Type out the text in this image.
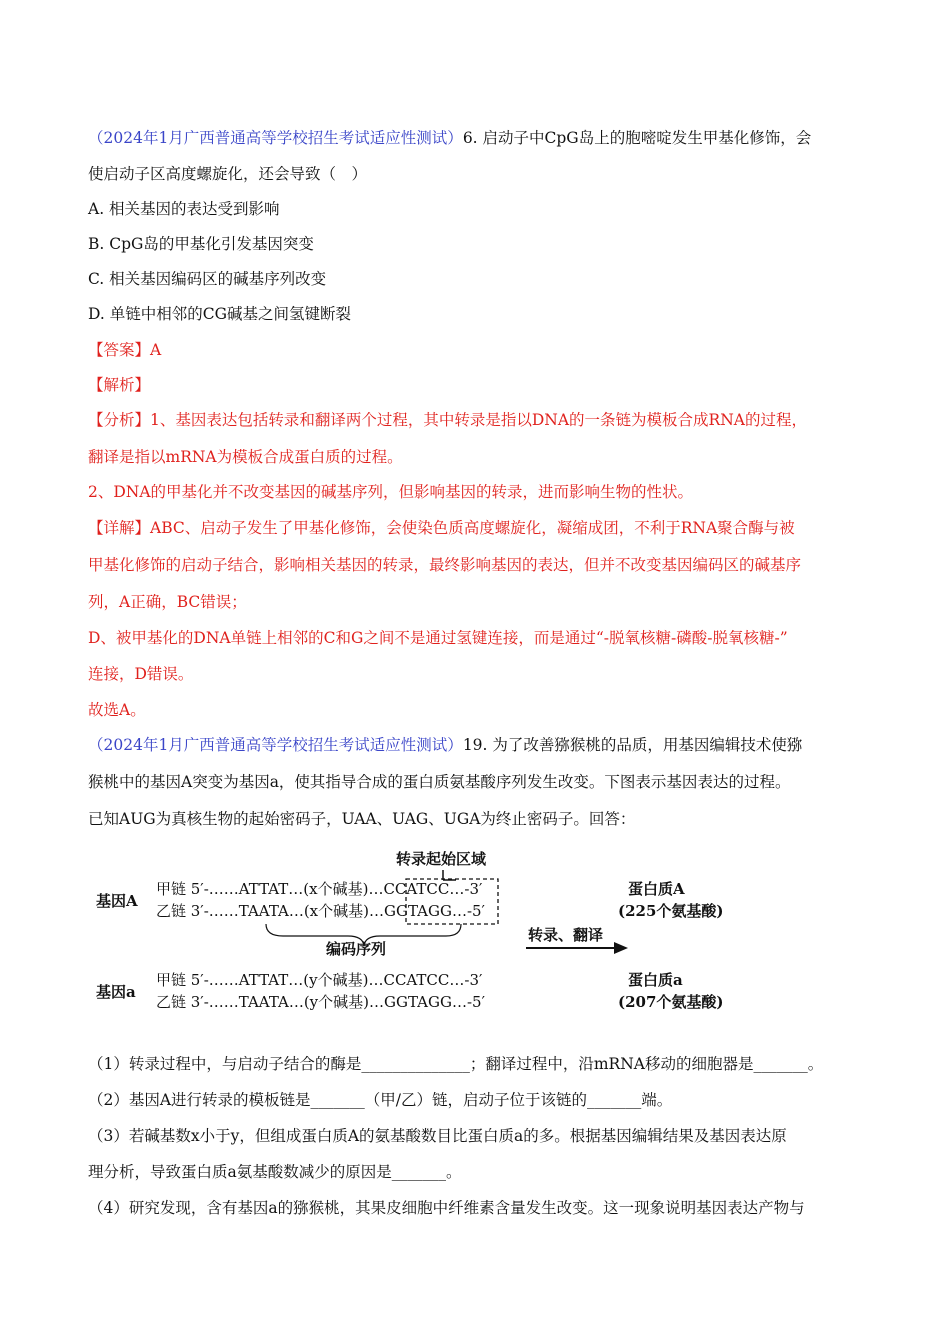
（2024年1月广西普通高等学校招生考试适应性测试）6. 启动子中CpG岛上的胞嘧啶发生甲基化修饰，会
使启动子区高度螺旋化，还会导致（　）
A. 相关基因的表达受到影响
B. CpG岛的甲基化引发基因突变
C. 相关基因编码区的碱基序列改变
D. 单链中相邻的CG碱基之间氢键断裂
【答案】A
【解析】
【分析】1、基因表达包括转录和翻译两个过程，其中转录是指以DNA的一条链为模板合成RNA的过程，
翻译是指以mRNA为模板合成蛋白质的过程。
2、DNA的甲基化并不改变基因的碱基序列，但影响基因的转录，进而影响生物的性状。
【详解】ABC、启动子发生了甲基化修饰，会使染色质高度螺旋化，凝缩成团，不利于RNA聚合酶与被
甲基化修饰的启动子结合，影响相关基因的转录，最终影响基因的表达，但并不改变基因编码区的碱基序
列，A正确，BC错误；
D、被甲基化的DNA单链上相邻的C和G之间不是通过氢键连接，而是通过“-脱氧核糖-磷酸-脱氧核糖-”
连接，D错误。
故选A。
（2024年1月广西普通高等学校招生考试适应性测试）19. 为了改善猕猴桃的品质，用基因编辑技术使猕
猴桃中的基因A突变为基因a，使其指导合成的蛋白质氨基酸序列发生改变。下图表示基因表达的过程。
已知AUG为真核生物的起始密码子，UAA、UAG、UGA为终止密码子。回答：
转录起始区域
基因A
甲链 5′-……ATTAT…(x个碱基)…CCATCC…-3′
乙链 3′-……TAATA…(x个碱基)…GGTAGG…-5′
编码序列
蛋白质A
(225个氨基酸)
转录、翻译
基因a
甲链 5′-……ATTAT…(y个碱基)…CCATCC…-3′
乙链 3′-……TAATA…(y个碱基)…GGTAGG…-5′
蛋白质a
(207个氨基酸)
（1）转录过程中，与启动子结合的酶是______________；翻译过程中，沿mRNA移动的细胞器是_______。
（2）基因A进行转录的模板链是_______（甲/乙）链，启动子位于该链的_______端。
（3）若碱基数x小于y，但组成蛋白质A的氨基酸数目比蛋白质a的多。根据基因编辑结果及基因表达原
理分析，导致蛋白质a氨基酸数减少的原因是_______。
（4）研究发现，含有基因a的猕猴桃，其果皮细胞中纤维素含量发生改变。这一现象说明基因表达产物与
